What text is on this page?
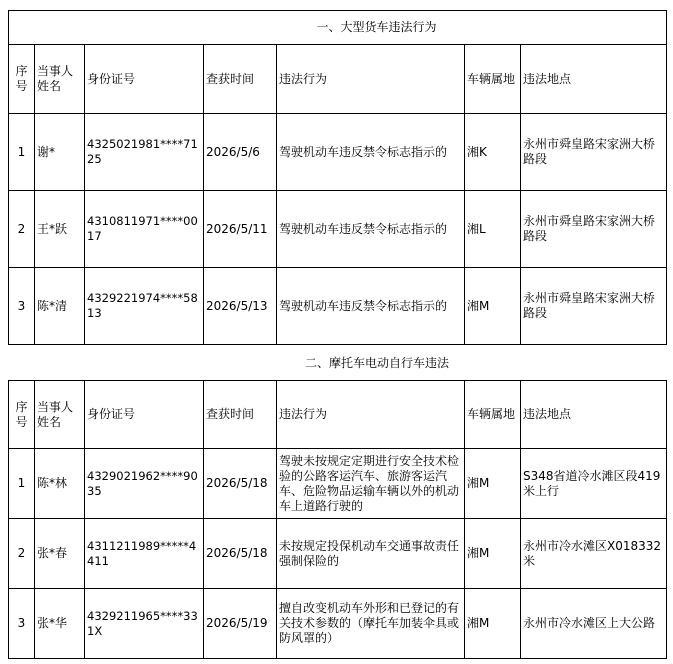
一、大型货车违法行为						
序号	当事人姓名	身份证号	查获时间	违法行为	车辆属地	违法地点
1	谢*	4325021981****7125	2026/5/6	驾驶机动车违反禁令标志指示的	湘K	永州市舜皇路宋家洲大桥路段
2	王*跃	4310811971****0017	2026/5/11	驾驶机动车违反禁令标志指示的	湘L	永州市舜皇路宋家洲大桥路段
3	陈*清	4329221974****5813	2026/5/13	驾驶机动车违反禁令标志指示的	湘M	永州市舜皇路宋家洲大桥路段
二、摩托车电动自行车违法
序号	当事人姓名	身份证号	查获时间	违法行为	车辆属地	违法地点
1	陈*林	4329021962****9035	2026/5/18	驾驶未按规定定期进行安全技术检验的公路客运汽车、旅游客运汽车、危险物品运输车辆以外的机动车上道路行驶的	湘M	S348省道冷水滩区段419米上行
2	张*春	4311211989*****4411	2026/5/18	未按规定投保机动车交通事故责任强制保险的	湘M	永州市冷水滩区X018332米
3	张*华	4329211965****331X	2026/5/19	擅自改变机动车外形和已登记的有关技术参数的（摩托车加装伞具或防风罩的）	湘M	永州市冷水滩区上大公路
